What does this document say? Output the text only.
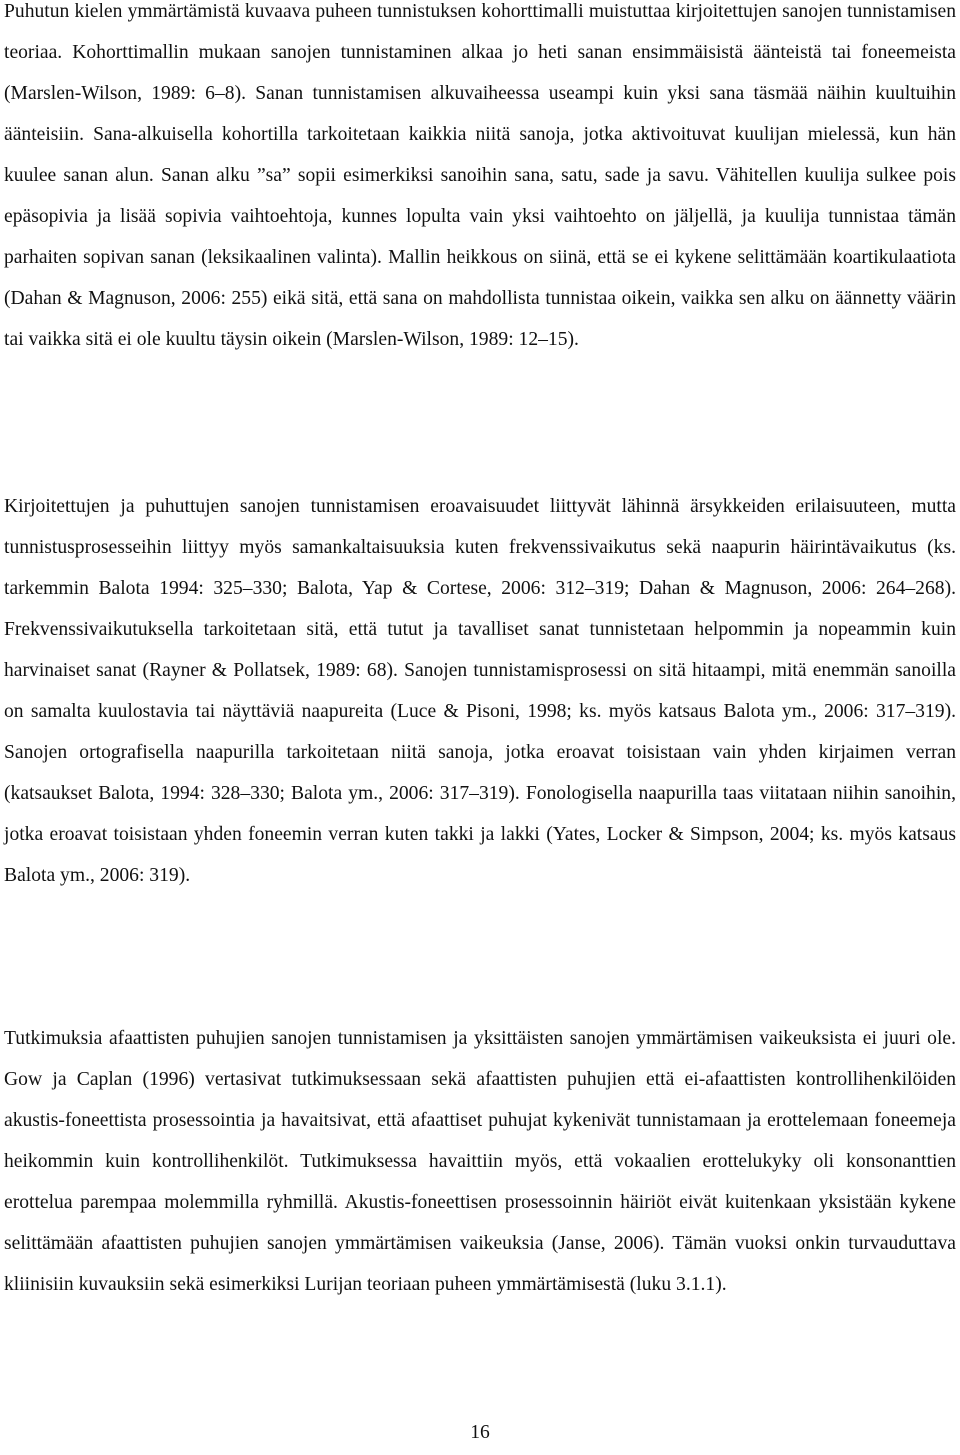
Puhutun kielen ymmärtämistä kuvaava puheen tunnistuksen kohorttimalli muistuttaa kirjoitettujen sanojen tunnistamisen teoriaa. Kohorttimallin mukaan sanojen tunnistaminen alkaa jo heti sanan ensimmäisistä äänteistä tai foneemeista (Marslen-Wilson, 1989: 6–8). Sanan tunnistamisen alkuvaiheessa useampi kuin yksi sana täsmää näihin kuultuihin äänteisiin. Sana-alkuisella kohortilla tarkoitetaan kaikkia niitä sanoja, jotka aktivoituvat kuulijan mielessä, kun hän kuulee sanan alun. Sanan alku ”sa” sopii esimerkiksi sanoihin sana, satu, sade ja savu. Vähitellen kuulija sulkee pois epäsopivia ja lisää sopivia vaihtoehtoja, kunnes lopulta vain yksi vaihtoehto on jäljellä, ja kuulija tunnistaa tämän parhaiten sopivan sanan (leksikaalinen valinta). Mallin heikkous on siinä, että se ei kykene selittämään koartikulaatiota (Dahan & Magnuson, 2006: 255) eikä sitä, että sana on mahdollista tunnistaa oikein, vaikka sen alku on äännetty väärin tai vaikka sitä ei ole kuultu täysin oikein (Marslen-Wilson, 1989: 12–15).

Kirjoitettujen ja puhuttujen sanojen tunnistamisen eroavaisuudet liittyvät lähinnä ärsykkeiden erilaisuuteen, mutta tunnistusprosesseihin liittyy myös samankaltaisuuksia kuten frekvenssivaikutus sekä naapurin häirintävaikutus (ks. tarkemmin Balota 1994: 325–330; Balota, Yap & Cortese, 2006: 312–319; Dahan & Magnuson, 2006: 264–268). Frekvenssivaikutuksella tarkoitetaan sitä, että tutut ja tavalliset sanat tunnistetaan helpommin ja nopeammin kuin harvinaiset sanat (Rayner & Pollatsek, 1989: 68). Sanojen tunnistamisprosessi on sitä hitaampi, mitä enemmän sanoilla on samalta kuulostavia tai näyttäviä naapureita (Luce & Pisoni, 1998; ks. myös katsaus Balota ym., 2006: 317–319). Sanojen ortografisella naapurilla tarkoitetaan niitä sanoja, jotka eroavat toisistaan vain yhden kirjaimen verran (katsaukset Balota, 1994: 328–330; Balota ym., 2006: 317–319). Fonologisella naapurilla taas viitataan niihin sanoihin, jotka eroavat toisistaan yhden foneemin verran kuten takki ja lakki (Yates, Locker & Simpson, 2004; ks. myös katsaus Balota ym., 2006: 319).

Tutkimuksia afaattisten puhujien sanojen tunnistamisen ja yksittäisten sanojen ymmärtämisen vaikeuksista ei juuri ole. Gow ja Caplan (1996) vertasivat tutkimuksessaan sekä afaattisten puhujien että ei-afaattisten kontrollihenkilöiden akustis-foneettista prosessointia ja havaitsivat, että afaattiset puhujat kykenivät tunnistamaan ja erottelemaan foneemeja heikommin kuin kontrollihenkilöt. Tutkimuksessa havaittiin myös, että vokaalien erottelukyky oli konsonanttien erottelua parempaa molemmilla ryhmillä. Akustis-foneettisen prosessoinnin häiriöt eivät kuitenkaan yksistään kykene selittämään afaattisten puhujien sanojen ymmärtämisen vaikeuksia (Janse, 2006). Tämän vuoksi onkin turvauduttava kliinisiin kuvauksiin sekä esimerkiksi Lurijan teoriaan puheen ymmärtämisestä (luku 3.1.1).

16
